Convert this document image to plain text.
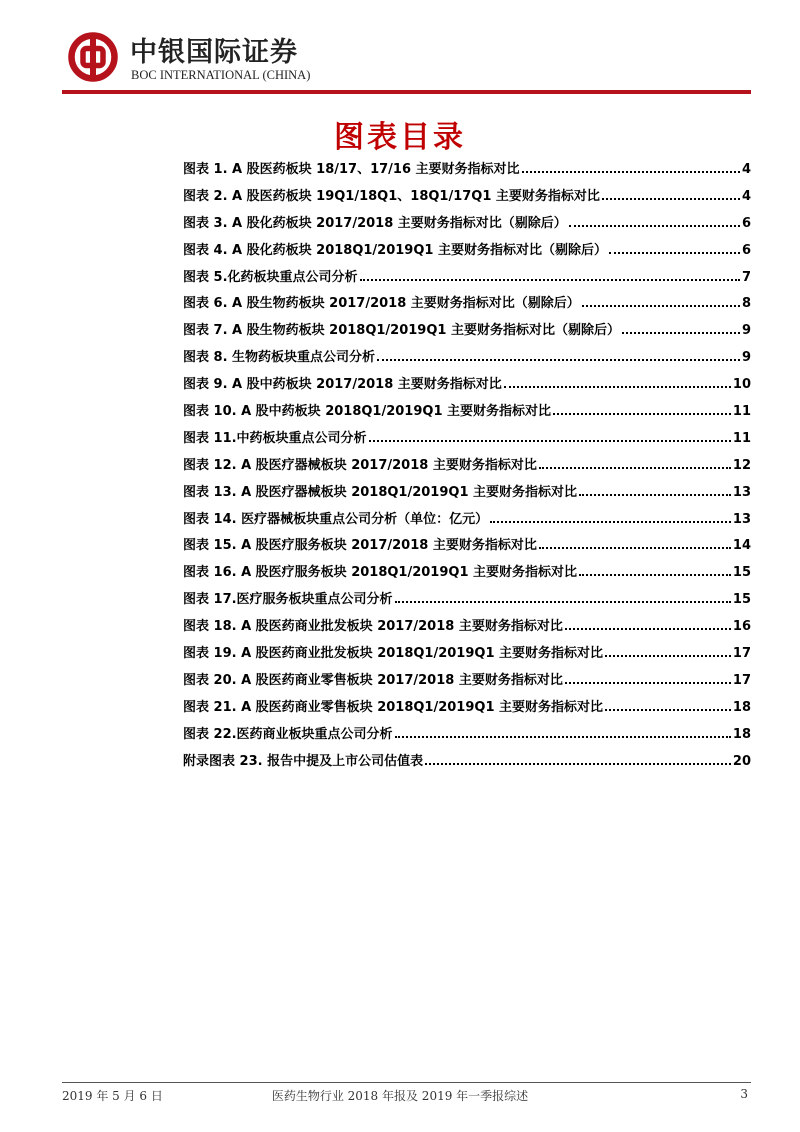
中银国际证券
BOC INTERNATIONAL (CHINA)
图表目录
图表 1. A 股医药板块 18/17、17/16 主要财务指标对比	4
图表 2. A 股医药板块 19Q1/18Q1、18Q1/17Q1 主要财务指标对比	4
图表 3. A 股化药板块 2017/2018 主要财务指标对比（剔除后）	6
图表 4. A 股化药板块 2018Q1/2019Q1 主要财务指标对比（剔除后）	6
图表 5.化药板块重点公司分析	7
图表 6. A 股生物药板块 2017/2018 主要财务指标对比（剔除后）	8
图表 7. A 股生物药板块 2018Q1/2019Q1 主要财务指标对比（剔除后）	9
图表 8. 生物药板块重点公司分析	9
图表 9. A 股中药板块 2017/2018 主要财务指标对比	10
图表 10. A 股中药板块 2018Q1/2019Q1 主要财务指标对比	11
图表 11.中药板块重点公司分析	11
图表 12. A 股医疗器械板块 2017/2018 主要财务指标对比	12
图表 13. A 股医疗器械板块 2018Q1/2019Q1 主要财务指标对比	13
图表 14. 医疗器械板块重点公司分析（单位：亿元）	13
图表 15. A 股医疗服务板块 2017/2018 主要财务指标对比	14
图表 16. A 股医疗服务板块 2018Q1/2019Q1 主要财务指标对比	15
图表 17.医疗服务板块重点公司分析	15
图表 18. A 股医药商业批发板块 2017/2018 主要财务指标对比	16
图表 19. A 股医药商业批发板块 2018Q1/2019Q1 主要财务指标对比	17
图表 20. A 股医药商业零售板块 2017/2018 主要财务指标对比	17
图表 21. A 股医药商业零售板块 2018Q1/2019Q1 主要财务指标对比	18
图表 22.医药商业板块重点公司分析	18
附录图表 23. 报告中提及上市公司估值表	20
2019 年 5 月 6 日	医药生物行业 2018 年报及 2019 年一季报综述	3
